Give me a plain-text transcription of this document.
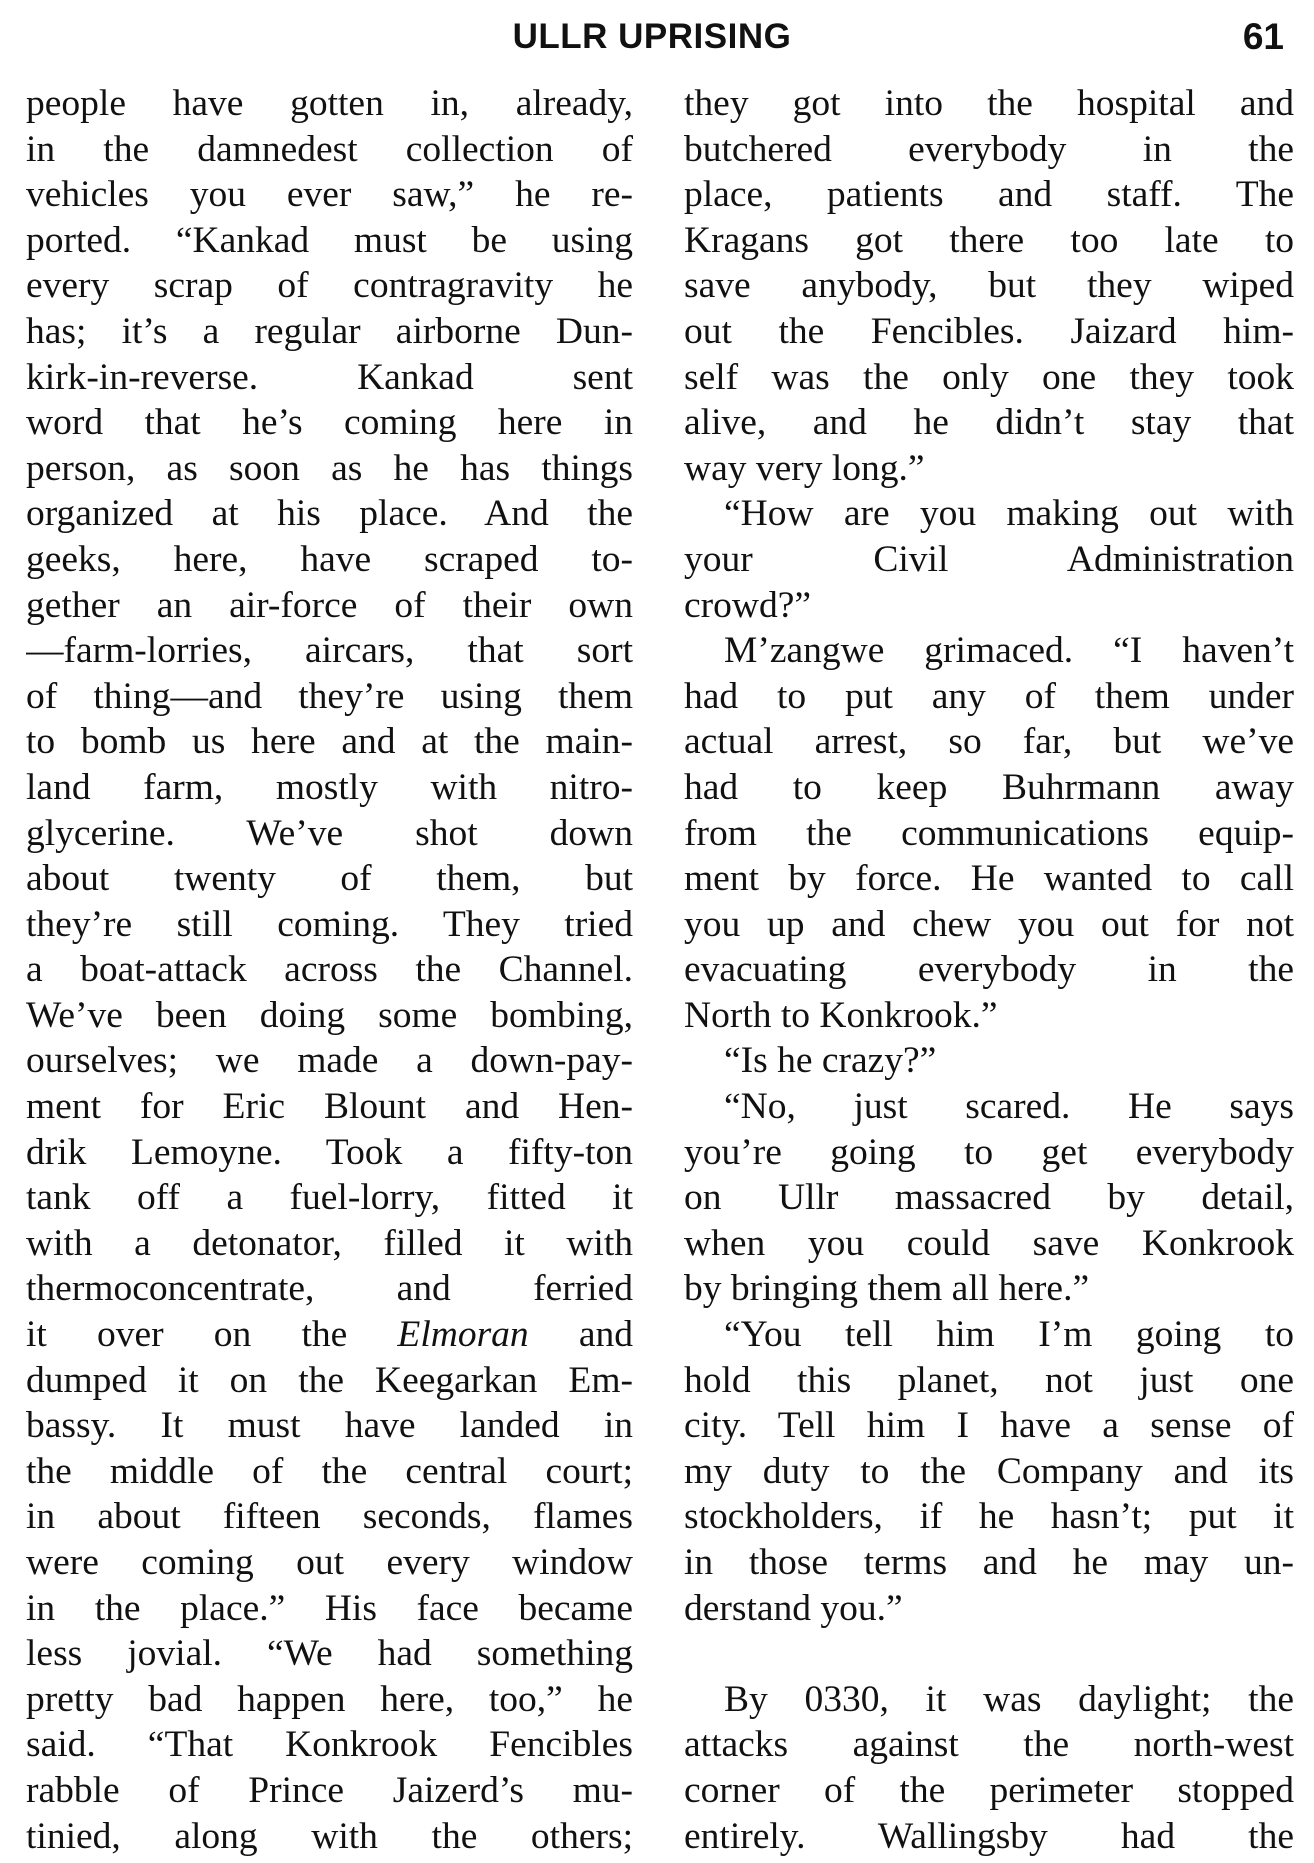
ULLR UPRISING	61
people have gotten in, already,
in the damnedest collection of
vehicles you ever saw,” he re-
ported. “Kankad must be using
every scrap of contragravity he
has; it’s a regular airborne Dun-
kirk-in-reverse. Kankad sent
word that he’s coming here in
person, as soon as he has things
organized at his place. And the
geeks, here, have scraped to-
gether an air-force of their own
—farm-lorries, aircars, that sort
of thing—and they’re using them
to bomb us here and at the main-
land farm, mostly with nitro-
glycerine. We’ve shot down
about twenty of them, but
they’re still coming. They tried
a boat-attack across the Channel.
We’ve been doing some bombing,
ourselves; we made a down-pay-
ment for Eric Blount and Hen-
drik Lemoyne. Took a fifty-ton
tank off a fuel-lorry, fitted it
with a detonator, filled it with
thermoconcentrate, and ferried
it over on the Elmoran and
dumped it on the Keegarkan Em-
bassy. It must have landed in
the middle of the central court;
in about fifteen seconds, flames
were coming out every window
in the place.” His face became
less jovial. “We had something
pretty bad happen here, too,” he
said. “That Konkrook Fencibles
rabble of Prince Jaizerd’s mu-
tinied, along with the others;
they got into the hospital and
butchered everybody in the
place, patients and staff. The
Kragans got there too late to
save anybody, but they wiped
out the Fencibles. Jaizard him-
self was the only one they took
alive, and he didn’t stay that
way very long.”
“How are you making out with
your Civil Administration
crowd?”
M’zangwe grimaced. “I haven’t
had to put any of them under
actual arrest, so far, but we’ve
had to keep Buhrmann away
from the communications equip-
ment by force. He wanted to call
you up and chew you out for not
evacuating everybody in the
North to Konkrook.”
“Is he crazy?”
“No, just scared. He says
you’re going to get everybody
on Ullr massacred by detail,
when you could save Konkrook
by bringing them all here.”
“You tell him I’m going to
hold this planet, not just one
city. Tell him I have a sense of
my duty to the Company and its
stockholders, if he hasn’t; put it
in those terms and he may un-
derstand you.”
By 0330, it was daylight; the
attacks against the north-west
corner of the perimeter stopped
entirely. Wallingsby had the
